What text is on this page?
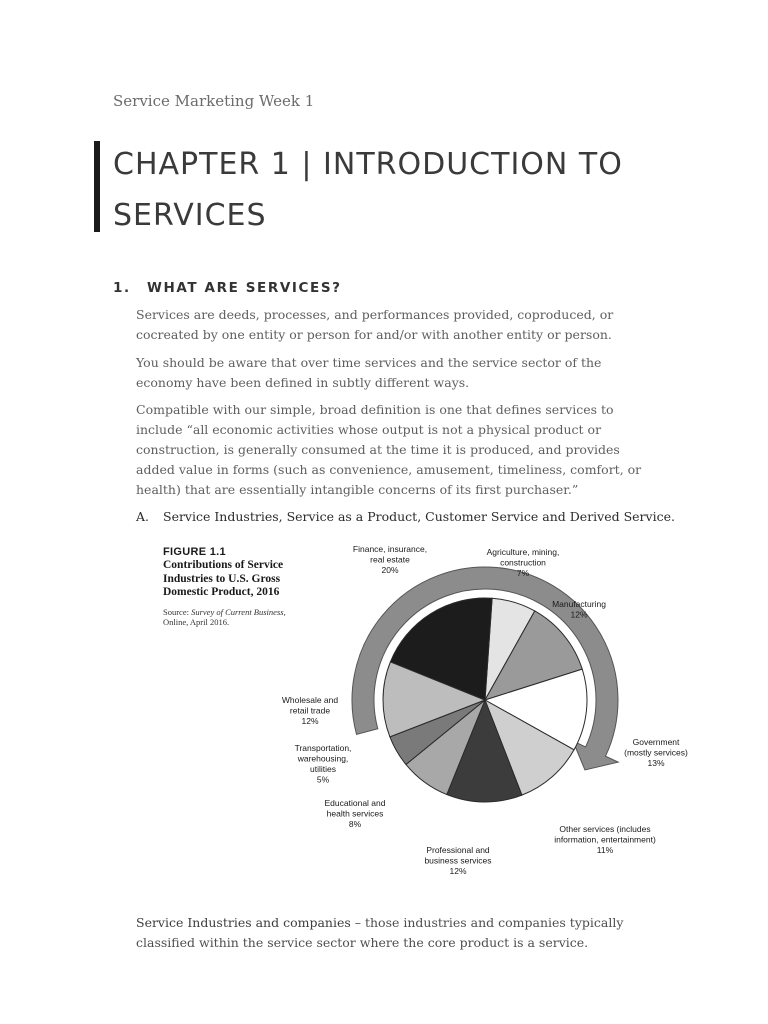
Service Marketing Week 1
CHAPTER 1 | INTRODUCTION TO SERVICES
1. WHAT ARE SERVICES?

Services are deeds, processes, and performances provided, coproduced, or cocreated by one entity or person for and/or with another entity or person.

You should be aware that over time services and the service sector of the economy have been defined in subtly different ways.

Compatible with our simple, broad definition is one that defines services to include “all economic activities whose output is not a physical product or construction, is generally consumed at the time it is produced, and provides added value in forms (such as convenience, amusement, timeliness, comfort, or health) that are essentially intangible concerns of its first purchaser.”

A. Service Industries, Service as a Product, Customer Service and Derived Service.
FIGURE 1.1
Contributions of Service Industries to U.S. Gross Domestic Product, 2016
Source: Survey of Current Business, Online, April 2016.
Agriculture, mining, construction 7%
Manufacturing 12%
Government (mostly services) 13%
Other services (includes information, entertainment) 11%
Professional and business services 12%
Educational and health services 8%
Transportation, warehousing, utilities 5%
Wholesale and retail trade 12%
Finance, insurance, real estate 20%

Service Industries and companies – those industries and companies typically classified within the service sector where the core product is a service.
